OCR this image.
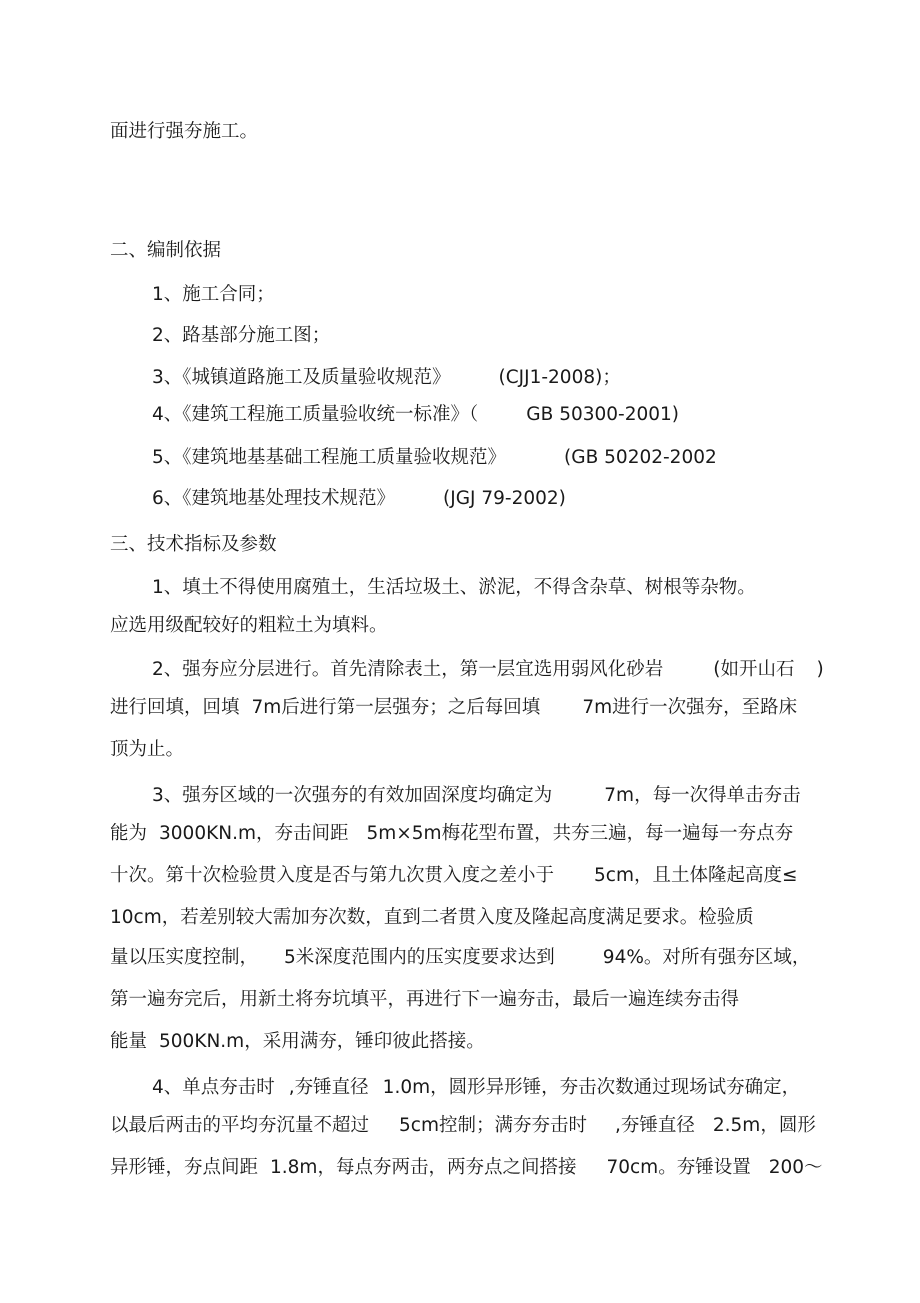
面进行强夯施工。
二、编制依据
1、施工合同；
2、路基部分施工图；
3、《城镇道路施工及质量验收规范》	(CJJ1-2008)；
4、《建筑工程施工质量验收统一标准》（	GB 50300-2001)
5、《建筑地基基础工程施工质量验收规范》	(GB 50202-2002
6、《建筑地基处理技术规范》	(JGJ 79-2002)
三、技术指标及参数
1、填土不得使用腐殖土，生活垃圾土、淤泥，不得含杂草、树根等杂物。
应选用级配较好的粗粒土为填料。
2、强夯应分层进行。首先清除表土，第一层宜选用弱风化砂岩	(如开山石 )
进行回填，回填 7m后进行第一层强夯；之后每回填 7m进行一次强夯，至路床
顶为止。
3、强夯区域的一次强夯的有效加固深度均确定为	7m，每一次得单击夯击
能为 3000KN.m，夯击间距 5m×5m梅花型布置，共夯三遍，每一遍每一夯点夯
十次。第十次检验贯入度是否与第九次贯入度之差小于 5cm，且土体隆起高度≤
10cm，若差别较大需加夯次数，直到二者贯入度及隆起高度满足要求。检验质
量以压实度控制， 5米深度范围内的压实度要求达到	94%。对所有强夯区域，
第一遍夯完后，用新土将夯坑填平，再进行下一遍夯击，最后一遍连续夯击得
能量 500KN.m，采用满夯，锤印彼此搭接。
4、单点夯击时 ,夯锤直径 1.0m，圆形异形锤，夯击次数通过现场试夯确定，
以最后两击的平均夯沉量不超过 5cm控制；满夯夯击时 ,夯锤直径 2.5m，圆形
异形锤，夯点间距 1.8m，每点夯两击，两夯点之间搭接 70cm。夯锤设置 200～
